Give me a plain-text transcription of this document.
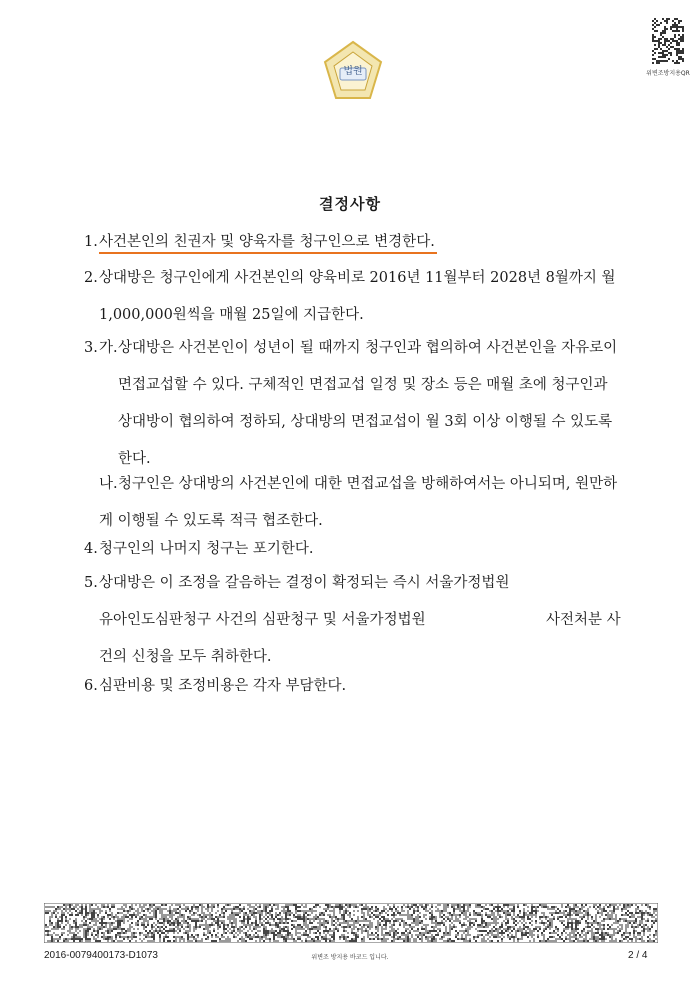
법원	위변조방지용QR
결정사항
1. 사건본인의 친권자 및 양육자를 청구인으로 변경한다.
2. 상대방은 청구인에게 사건본인의 양육비로 2016년 11월부터 2028년 8월까지 월
1,000,000원씩을 매월 25일에 지급한다.
3. 가. 상대방은 사건본인이 성년이 될 때까지 청구인과 협의하여 사건본인을 자유로이
면접교섭할 수 있다. 구체적인 면접교섭 일정 및 장소 등은 매월 초에 청구인과
상대방이 협의하여 정하되, 상대방의 면접교섭이 월 3회 이상 이행될 수 있도록
한다.
나. 청구인은 상대방의 사건본인에 대한 면접교섭을 방해하여서는 아니되며, 원만하
게 이행될 수 있도록 적극 협조한다.
4. 청구인의 나머지 청구는 포기한다.
5. 상대방은 이 조정을 갈음하는 결정이 확정되는 즉시 서울가정법원
유아인도심판청구 사건의 심판청구 및 서울가정법원
건의 신청을 모두 취하한다.
사전처분 사
6. 심판비용 및 조정비용은 각자 부담한다.
2016-0079400173-D1073	위변조 방지용 바코드 입니다.	2 / 4
